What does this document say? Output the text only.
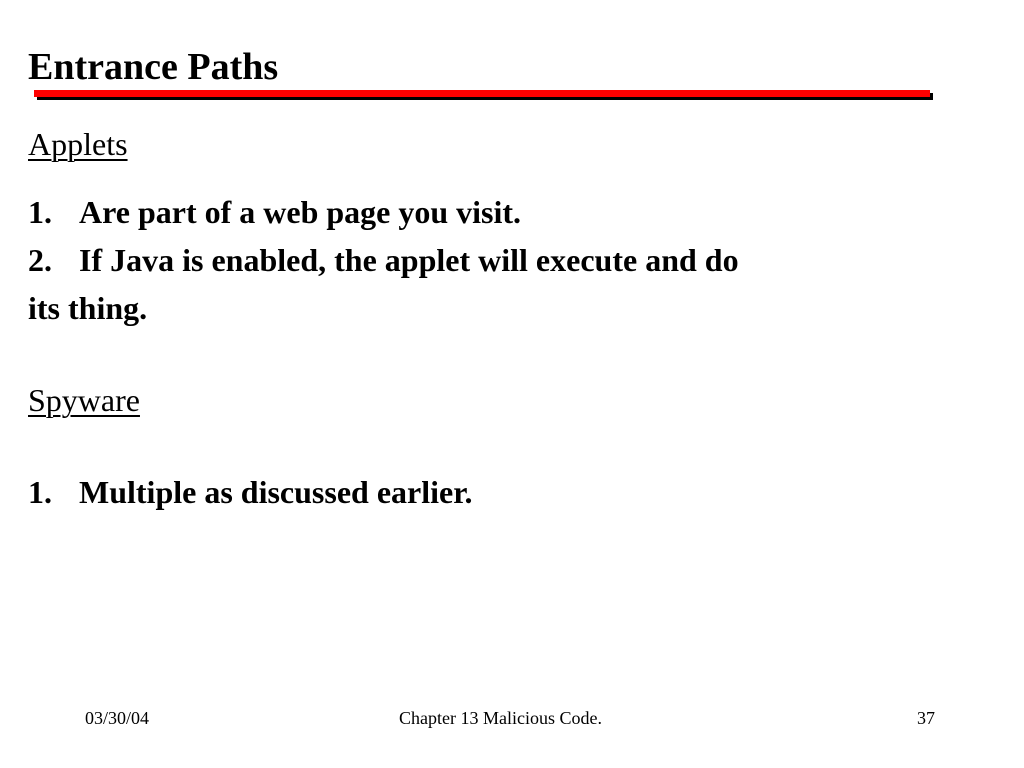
Entrance Paths
Applets
1. Are part of a web page you visit.
2. If Java is enabled, the applet will execute and do
its thing.
Spyware
1. Multiple as discussed earlier.
03/30/04	Chapter 13 Malicious Code.	37
